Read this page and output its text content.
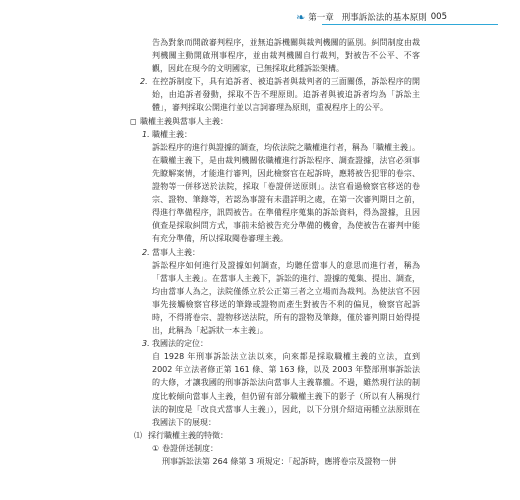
❧ 第一章 刑事訴訟法的基本原則 005

告為對象而開啟審判程序，並無追訴機關與裁判機關的區別。糾問制度由裁判機關主動開啟刑事程序，並由裁判機關自行裁判，對被告不公平、不客觀，因此在現今的文明國家，已無採取此種訴訟架構。

2. 在控訴制度下，具有追訴者、被追訴者與裁判者的三面關係，訴訟程序的開始，由追訴者發動，採取不告不理原則。追訴者與被追訴者均為「訴訟主體」，審判採取公開進行並以言詞審理為原則，重視程序上的公平。

◻ 職權主義與當事人主義：

1. 職權主義：

訴訟程序的進行與證據的調查，均依法院之職權進行者，稱為「職權主義」。在職權主義下，是由裁判機關依職權進行訴訟程序、調查證據，法官必須事先瞭解案情，才能進行審判，因此檢察官在起訴時，應將被告犯罪的卷宗、證物等一併移送於法院，採取「卷證併送原則」。法官看過檢察官移送的卷宗、證物、筆錄等，若認為事證有未盡詳明之處，在第一次審判期日之前，得進行準備程序，訊問被告。在準備程序蒐集的訴訟資料，得為證據，且因偵查是採取糾問方式，事前未給被告充分準備的機會，為使被告在審判中能有充分準備，所以採取閱卷審理主義。

2. 當事人主義：

訴訟程序如何進行及證據如何調查，均聽任當事人的意思而進行者，稱為「當事人主義」。在當事人主義下，訴訟的進行、證據的蒐集、提出、調查，均由當事人為之，法院僅係立於公正第三者之立場而為裁判。為使法官不因事先接觸檢察官移送的筆錄或證物而產生對被告不利的偏見，檢察官起訴時，不得將卷宗、證物移送法院，所有的證物及筆錄，僅於審判期日始得提出，此稱為「起訴狀一本主義」。

3. 我國法的定位：

自 1928 年刑事訴訟法立法以來，向來都是採取職權主義的立法，直到 2002 年立法者修正第 161 條、第 163 條，以及 2003 年整部刑事訴訟法的大修，才讓我國的刑事訴訟法向當事人主義靠攏。不過，雖然現行法的制度比較傾向當事人主義，但仍留有部分職權主義下的影子（所以有人稱現行法的制度是「改良式當事人主義」），因此，以下分別介紹這兩種立法原則在我國法下的展現：

⑴ 採行職權主義的特徵：

① 卷證併送制度：

刑事訴訟法第 264 條第 3 項規定：「起訴時，應將卷宗及證物一併
